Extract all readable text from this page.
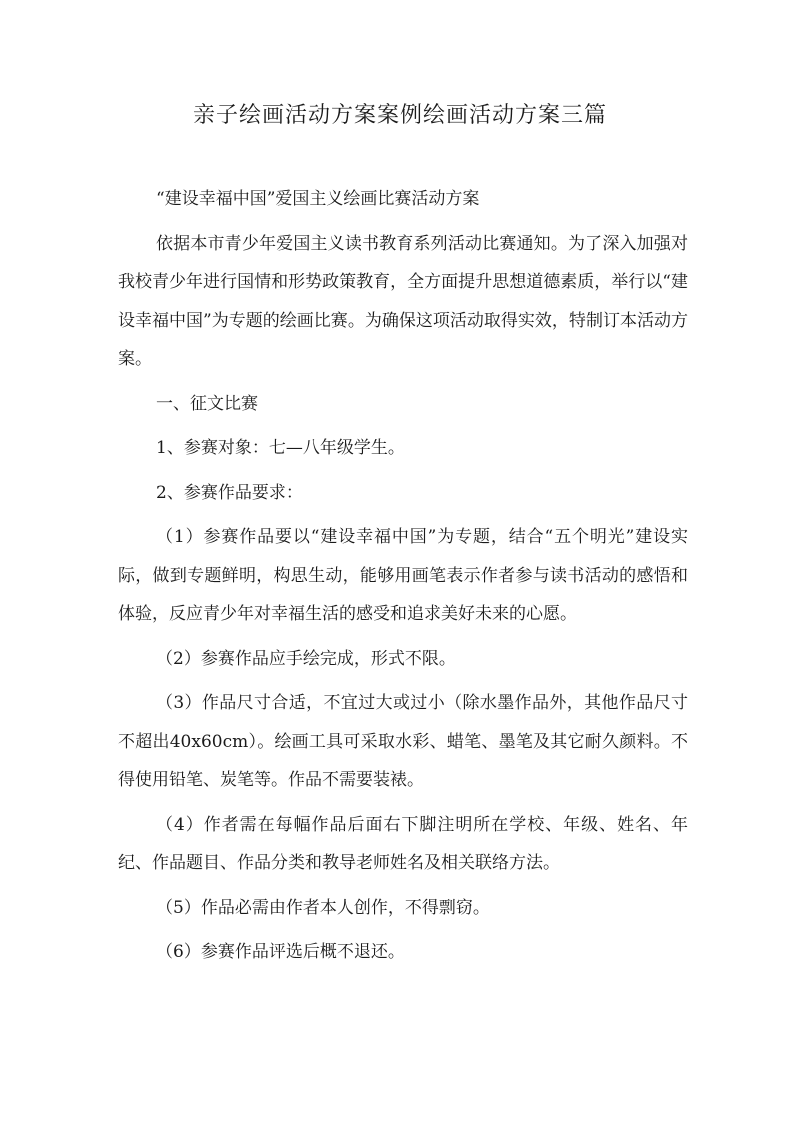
亲子绘画活动方案案例绘画活动方案三篇

“建设幸福中国”爱国主义绘画比赛活动方案

依据本市青少年爱国主义读书教育系列活动比赛通知。为了深入加强对我校青少年进行国情和形势政策教育，全方面提升思想道德素质，举行以“建设幸福中国”为专题的绘画比赛。为确保这项活动取得实效，特制订本活动方案。

一、征文比赛

1、参赛对象：七—八年级学生。

2、参赛作品要求：

（1）参赛作品要以“建设幸福中国”为专题，结合“五个明光”建设实际，做到专题鲜明，构思生动，能够用画笔表示作者参与读书活动的感悟和体验，反应青少年对幸福生活的感受和追求美好未来的心愿。

（2）参赛作品应手绘完成，形式不限。

（3）作品尺寸合适，不宜过大或过小（除水墨作品外，其他作品尺寸不超出40x60cm）。绘画工具可采取水彩、蜡笔、墨笔及其它耐久颜料。不得使用铅笔、炭笔等。作品不需要装裱。

（4）作者需在每幅作品后面右下脚注明所在学校、年级、姓名、年纪、作品题目、作品分类和教导老师姓名及相关联络方法。

（5）作品必需由作者本人创作，不得剽窃。

（6）参赛作品评选后概不退还。
